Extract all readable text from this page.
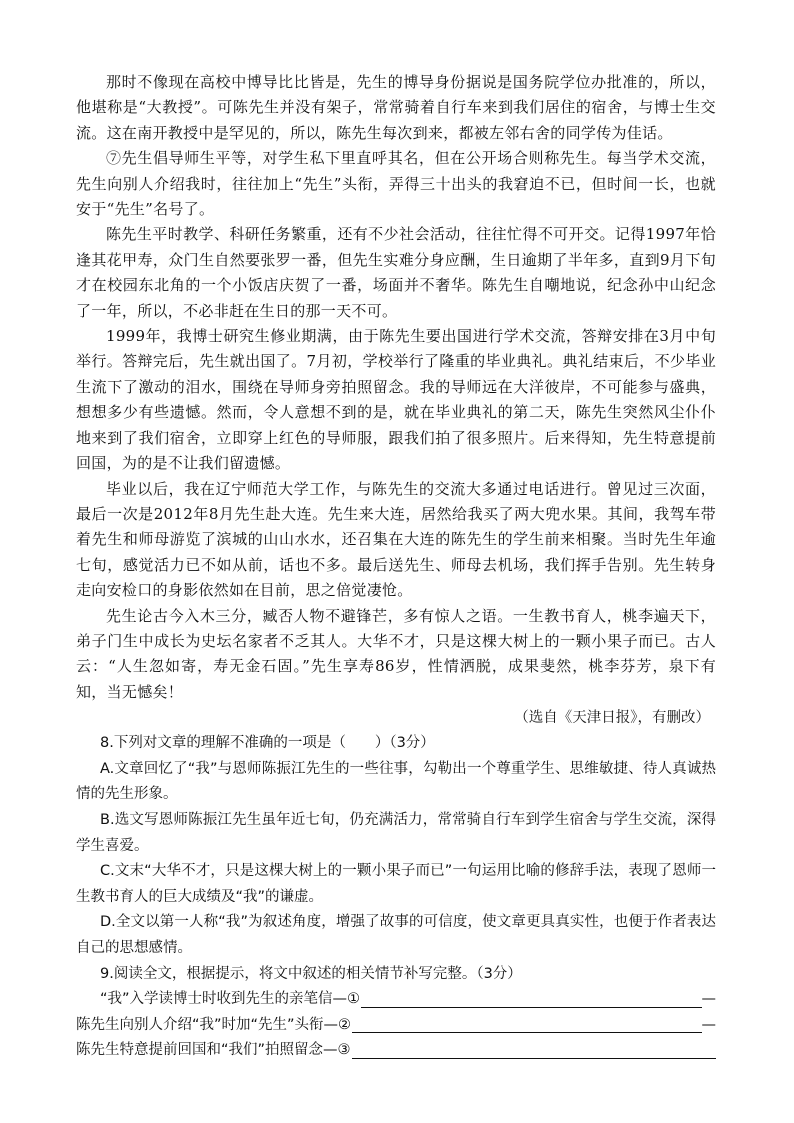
那时不像现在高校中博导比比皆是，先生的博导身份据说是国务院学位办批准的，所以，他堪称是“大教授”。可陈先生并没有架子，常常骑着自行车来到我们居住的宿舍，与博士生交流。这在南开教授中是罕见的，所以，陈先生每次到来，都被左邻右舍的同学传为佳话。

⑦先生倡导师生平等，对学生私下里直呼其名，但在公开场合则称先生。每当学术交流，先生向别人介绍我时，往往加上“先生”头衔，弄得三十出头的我窘迫不已，但时间一长，也就安于“先生”名号了。

陈先生平时教学、科研任务繁重，还有不少社会活动，往往忙得不可开交。记得1997年恰逢其花甲寿，众门生自然要张罗一番，但先生实难分身应酬，生日逾期了半年多，直到9月下旬才在校园东北角的一个小饭店庆贺了一番，场面并不奢华。陈先生自嘲地说，纪念孙中山纪念了一年，所以，不必非赶在生日的那一天不可。

1999年，我博士研究生修业期满，由于陈先生要出国进行学术交流，答辩安排在3月中旬举行。答辩完后，先生就出国了。7月初，学校举行了隆重的毕业典礼。典礼结束后，不少毕业生流下了激动的泪水，围绕在导师身旁拍照留念。我的导师远在大洋彼岸，不可能参与盛典，想想多少有些遗憾。然而，令人意想不到的是，就在毕业典礼的第二天，陈先生突然风尘仆仆地来到了我们宿舍，立即穿上红色的导师服，跟我们拍了很多照片。后来得知，先生特意提前回国，为的是不让我们留遗憾。

毕业以后，我在辽宁师范大学工作，与陈先生的交流大多通过电话进行。曾见过三次面，最后一次是2012年8月先生赴大连。先生来大连，居然给我买了两大兜水果。其间，我驾车带着先生和师母游览了滨城的山山水水，还召集在大连的陈先生的学生前来相聚。当时先生年逾七旬，感觉活力已不如从前，话也不多。最后送先生、师母去机场，我们挥手告别。先生转身走向安检口的身影依然如在目前，思之倍觉凄怆。

先生论古今入木三分，臧否人物不避锋芒，多有惊人之语。一生教书育人，桃李遍天下，弟子门生中成长为史坛名家者不乏其人。大华不才，只是这棵大树上的一颗小果子而已。古人云：“人生忽如寄，寿无金石固。”先生享寿86岁，性情洒脱，成果斐然，桃李芬芳，泉下有知，当无憾矣！

（选自《天津日报》，有删改）

8.下列对文章的理解不准确的一项是（　　）（3分）

A.文章回忆了“我”与恩师陈振江先生的一些往事，勾勒出一个尊重学生、思维敏捷、待人真诚热情的先生形象。

B.选文写恩师陈振江先生虽年近七旬，仍充满活力，常常骑自行车到学生宿舍与学生交流，深得学生喜爱。

C.文末“大华不才，只是这棵大树上的一颗小果子而已”一句运用比喻的修辞手法，表现了恩师一生教书育人的巨大成绩及“我”的谦虚。

D.全文以第一人称“我”为叙述角度，增强了故事的可信度，使文章更具真实性，也便于作者表达自己的思想感情。

9.阅读全文，根据提示，将文中叙述的相关情节补写完整。（3分）

“我”入学读博士时收到先生的亲笔信—①	—
陈先生向别人介绍“我”时加“先生”头衔—②	—
陈先生特意提前回国和“我们”拍照留念—③
